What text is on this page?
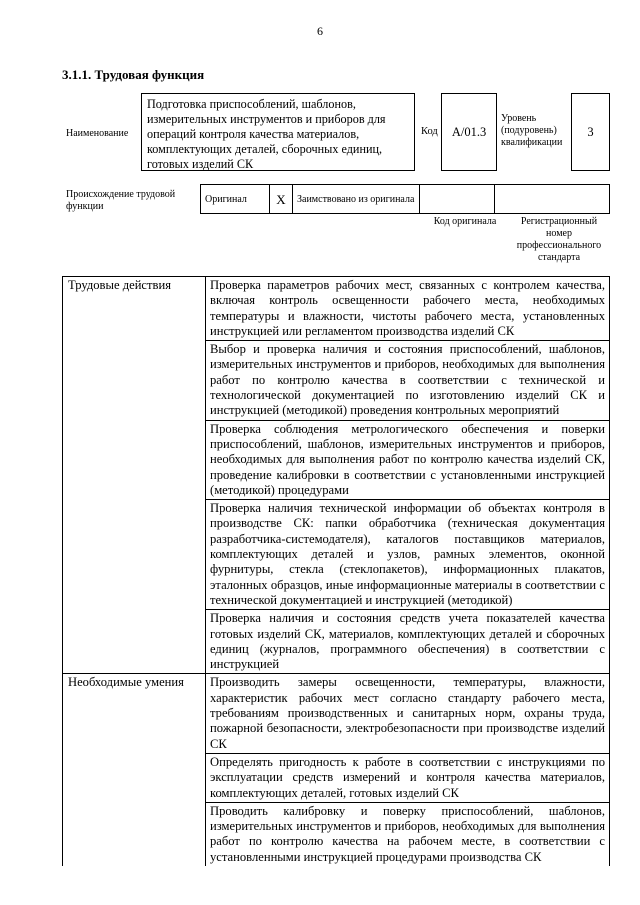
6
3.1.1. Трудовая функция
Наименование
Подготовка приспособлений, шаблонов, измерительных инструментов и приборов для операций контроля качества материалов, комплектующих деталей, сборочных единиц, готовых изделий СК
Код	А/01.3
Уровень (подуровень) квалификации
3
Происхождение трудовой функции
Оригинал	Х	Заимствовано из оригинала		
Код оригинала	Регистрационный номер профессионального стандарта
Трудовые действия	Проверка параметров рабочих мест, связанных с контролем качества, включая контроль освещенности рабочего места, необходимых температуры и влажности, чистоты рабочего места, установленных инструкцией или регламентом производства изделий СК
	Выбор и проверка наличия и состояния приспособлений, шаблонов, измерительных инструментов и приборов, необходимых для выполнения работ по контролю качества в соответствии с технической и технологической документацией по изготовлению изделий СК и инструкцией (методикой) проведения контрольных мероприятий
	Проверка соблюдения метрологического обеспечения и поверки приспособлений, шаблонов, измерительных инструментов и приборов, необходимых для выполнения работ по контролю качества изделий СК, проведение калибровки в соответствии с установленными инструкцией (методикой) процедурами
	Проверка наличия технической информации об объектах контроля в производстве СК: папки обработчика (техническая документация разработчика-системодателя), каталогов поставщиков материалов, комплектующих деталей и узлов, рамных элементов, оконной фурнитуры, стекла (стеклопакетов), информационных плакатов, эталонных образцов, иные информационные материалы в соответствии с технической документацией и инструкцией (методикой)
	Проверка наличия и состояния средств учета показателей качества готовых изделий СК, материалов, комплектующих деталей и сборочных единиц (журналов, программного обеспечения) в соответствии с инструкцией
Необходимые умения	Производить замеры освещенности, температуры, влажности, характеристик рабочих мест согласно стандарту рабочего места, требованиям производственных и санитарных норм, охраны труда, пожарной безопасности, электробезопасности при производстве изделий СК
	Определять пригодность к работе в соответствии с инструкциями по эксплуатации средств измерений и контроля качества материалов, комплектующих деталей, готовых изделий СК
	Проводить калибровку и поверку приспособлений, шаблонов, измерительных инструментов и приборов, необходимых для выполнения работ по контролю качества на рабочем месте, в соответствии с установленными инструкцией процедурами производства СК
